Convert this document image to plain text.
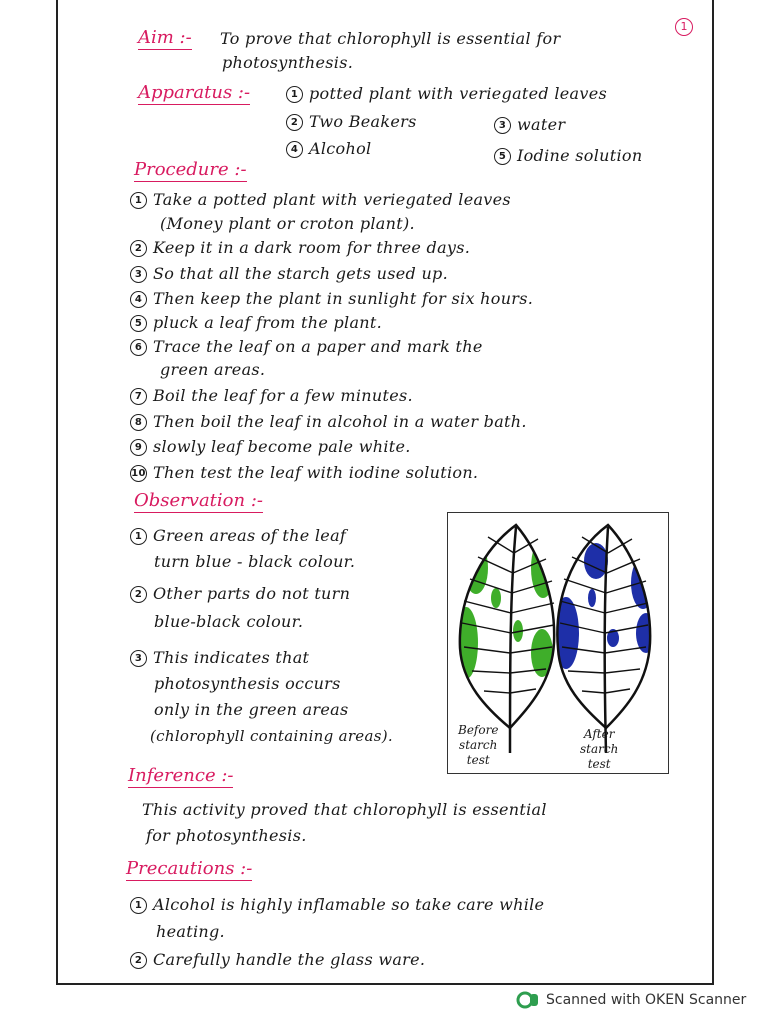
1
Aim :- To prove that chlorophyll is essential for
photosynthesis.
Apparatus :-	1 potted plant with veriegated leaves
2 Two Beakers	3 water
4 Alcohol	5 Iodine solution
Procedure :-
1 Take a potted plant with veriegated leaves
(Money plant or croton plant).
2 Keep it in a dark room for three days.
3 So that all the starch gets used up.
4 Then keep the plant in sunlight for six hours.
5 pluck a leaf from the plant.
6 Trace the leaf on a paper and mark the
green areas.
7 Boil the leaf for a few minutes.
8 Then boil the leaf in alcohol in a water bath.
9 slowly leaf become pale white.
10 Then test the leaf with iodine solution.
Observation :-
1 Green areas of the leaf
turn blue - black colour.
2 Other parts do not turn
blue-black colour.
3 This indicates that
photosynthesis occurs
only in the green areas
(chlorophyll containing areas).	Before
starch
test
After
starch
test
Inference :-
This activity proved that chlorophyll is essential
for photosynthesis.
Precautions :-
1 Alcohol is highly inflamable so take care while
heating.
2 Carefully handle the glass ware.
Scanned with OKEN Scanner
